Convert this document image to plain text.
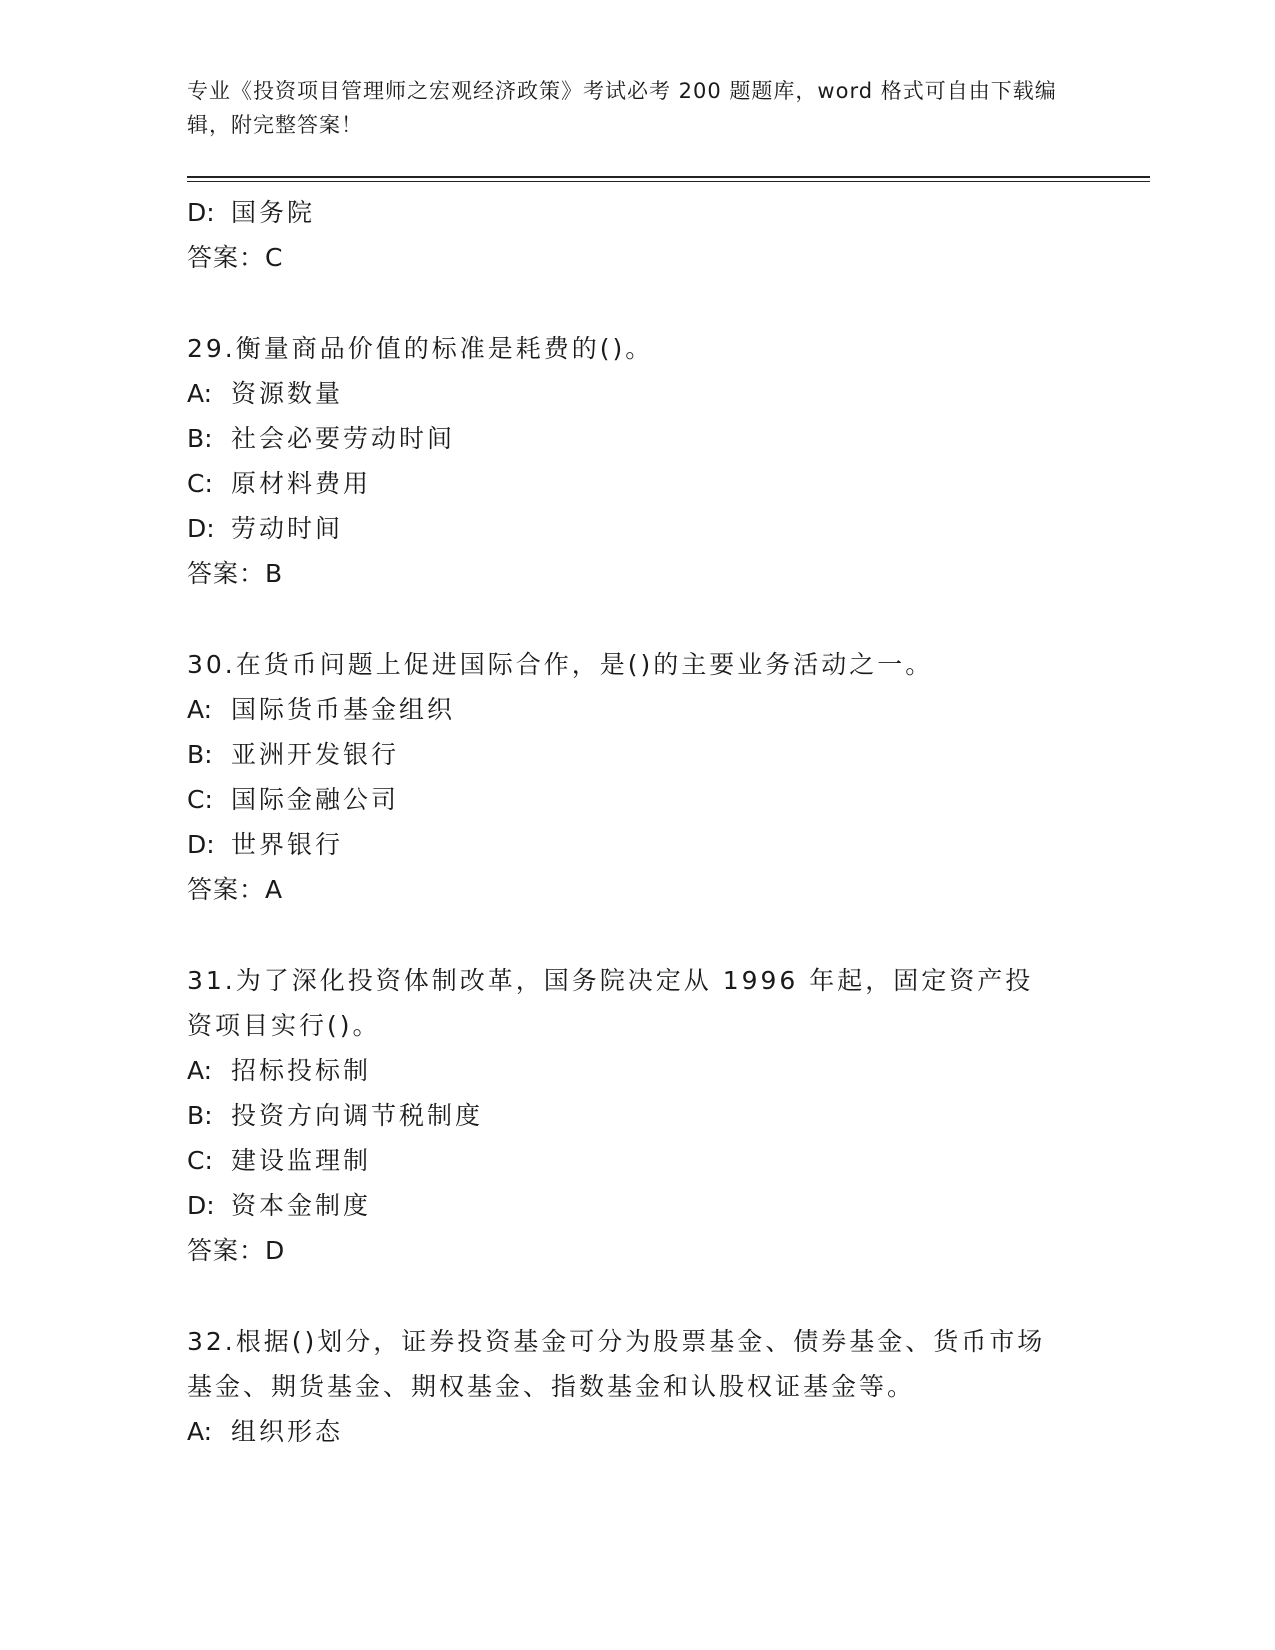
专业《投资项目管理师之宏观经济政策》考试必考 200 题题库，word 格式可自由下载编辑，附完整答案！
D: 国务院
答案：C
29.衡量商品价值的标准是耗费的()。
A: 资源数量
B: 社会必要劳动时间
C: 原材料费用
D: 劳动时间
答案：B
30.在货币问题上促进国际合作，是()的主要业务活动之一。
A: 国际货币基金组织
B: 亚洲开发银行
C: 国际金融公司
D: 世界银行
答案：A
31.为了深化投资体制改革，国务院决定从 1996 年起，固定资产投资项目实行()。
A: 招标投标制
B: 投资方向调节税制度
C: 建设监理制
D: 资本金制度
答案：D
32.根据()划分，证券投资基金可分为股票基金、债券基金、货币市场基金、期货基金、期权基金、指数基金和认股权证基金等。
A: 组织形态
